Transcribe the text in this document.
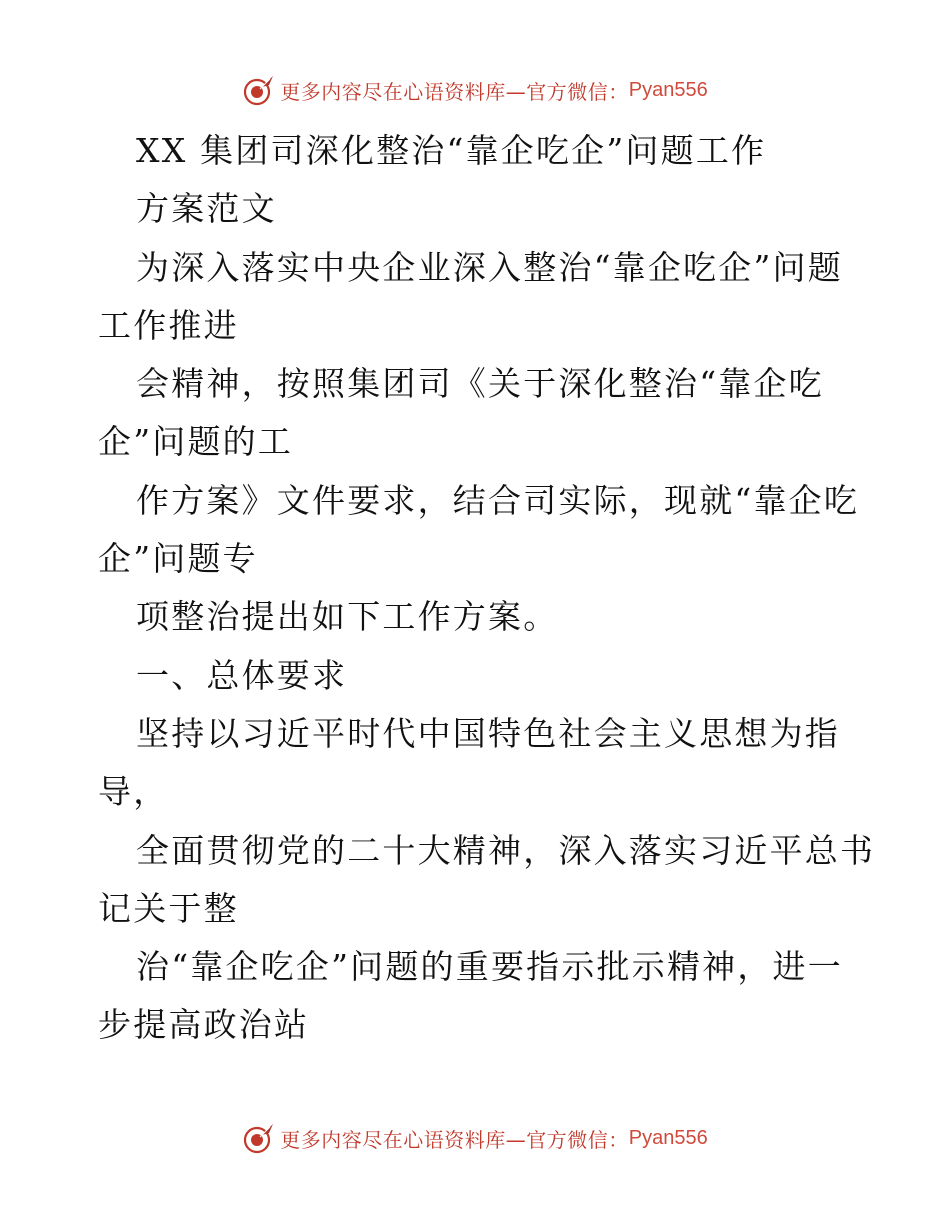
更多内容尽在心语资料库—官方微信： Pyan556
XX 集团司深化整治“靠企吃企”问题工作
方案范文
为深入落实中央企业深入整治“靠企吃企”问题
工作推进
会精神，按照集团司《关于深化整治“靠企吃
企”问题的工
作方案》文件要求，结合司实际，现就“靠企吃
企”问题专
项整治提出如下工作方案。
一、总体要求
坚持以习近平时代中国特色社会主义思想为指
导，
全面贯彻党的二十大精神，深入落实习近平总书
记关于整
治“靠企吃企”问题的重要指示批示精神，进一
步提高政治站
更多内容尽在心语资料库—官方微信： Pyan556
